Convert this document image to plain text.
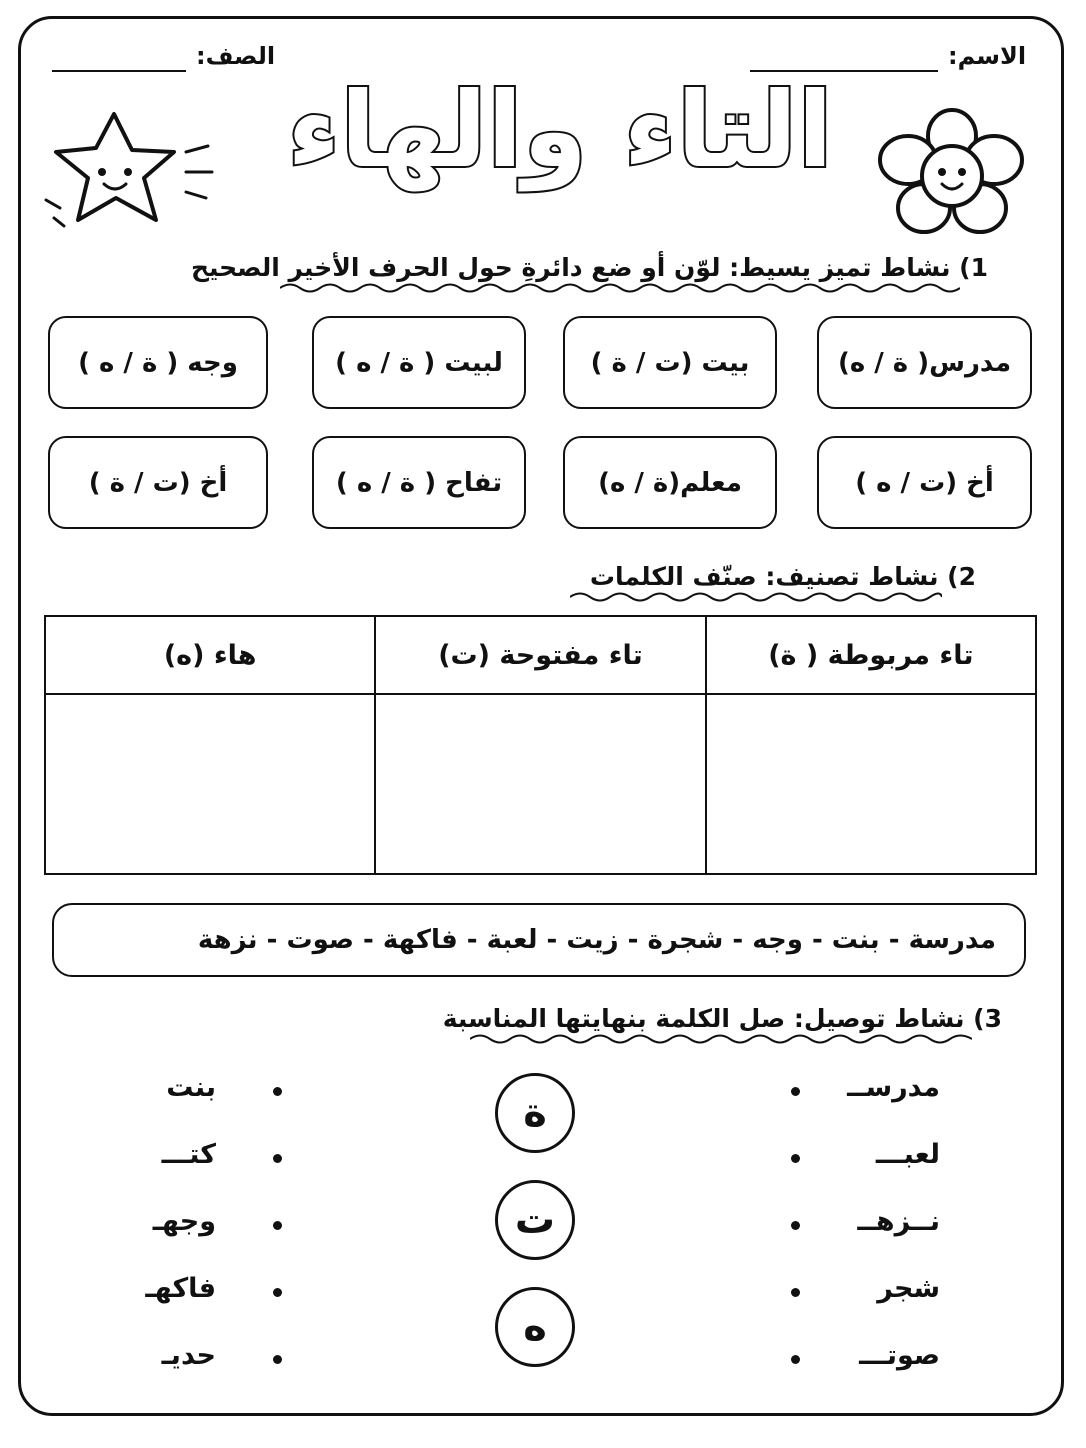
الاسم:
الصف:
التاء والهاء
1) نشاط تميز يسيط: لوّن أو ضع دائرةِ حول الحرف الأخير الصحيح
مدرس( ة / ه)
بيت (ت / ة )
لبيت ( ة / ه )
وجه ( ة / ه )
أخ (ت / ه )
معلم(ة / ه)
تفاح ( ة / ه )
أخ (ت / ة )
2) نشاط تصنيف: صنّف الكلمات
تاء مربوطة ( ة)	تاء مفتوحة (ت)	هاء (ه)

مدرسة - بنت - وجه - شجرة - زيت - لعبة - فاكهة - صوت - نزهة
3) نشاط توصيل: صل الكلمة بنهايتها المناسبة
مدرســ
لعبـــ
نــزهــ
شجر
صوتـــ
ة
ت
ه
بنت
كتـــ
وجهـ
فاكهـ
حديـ
